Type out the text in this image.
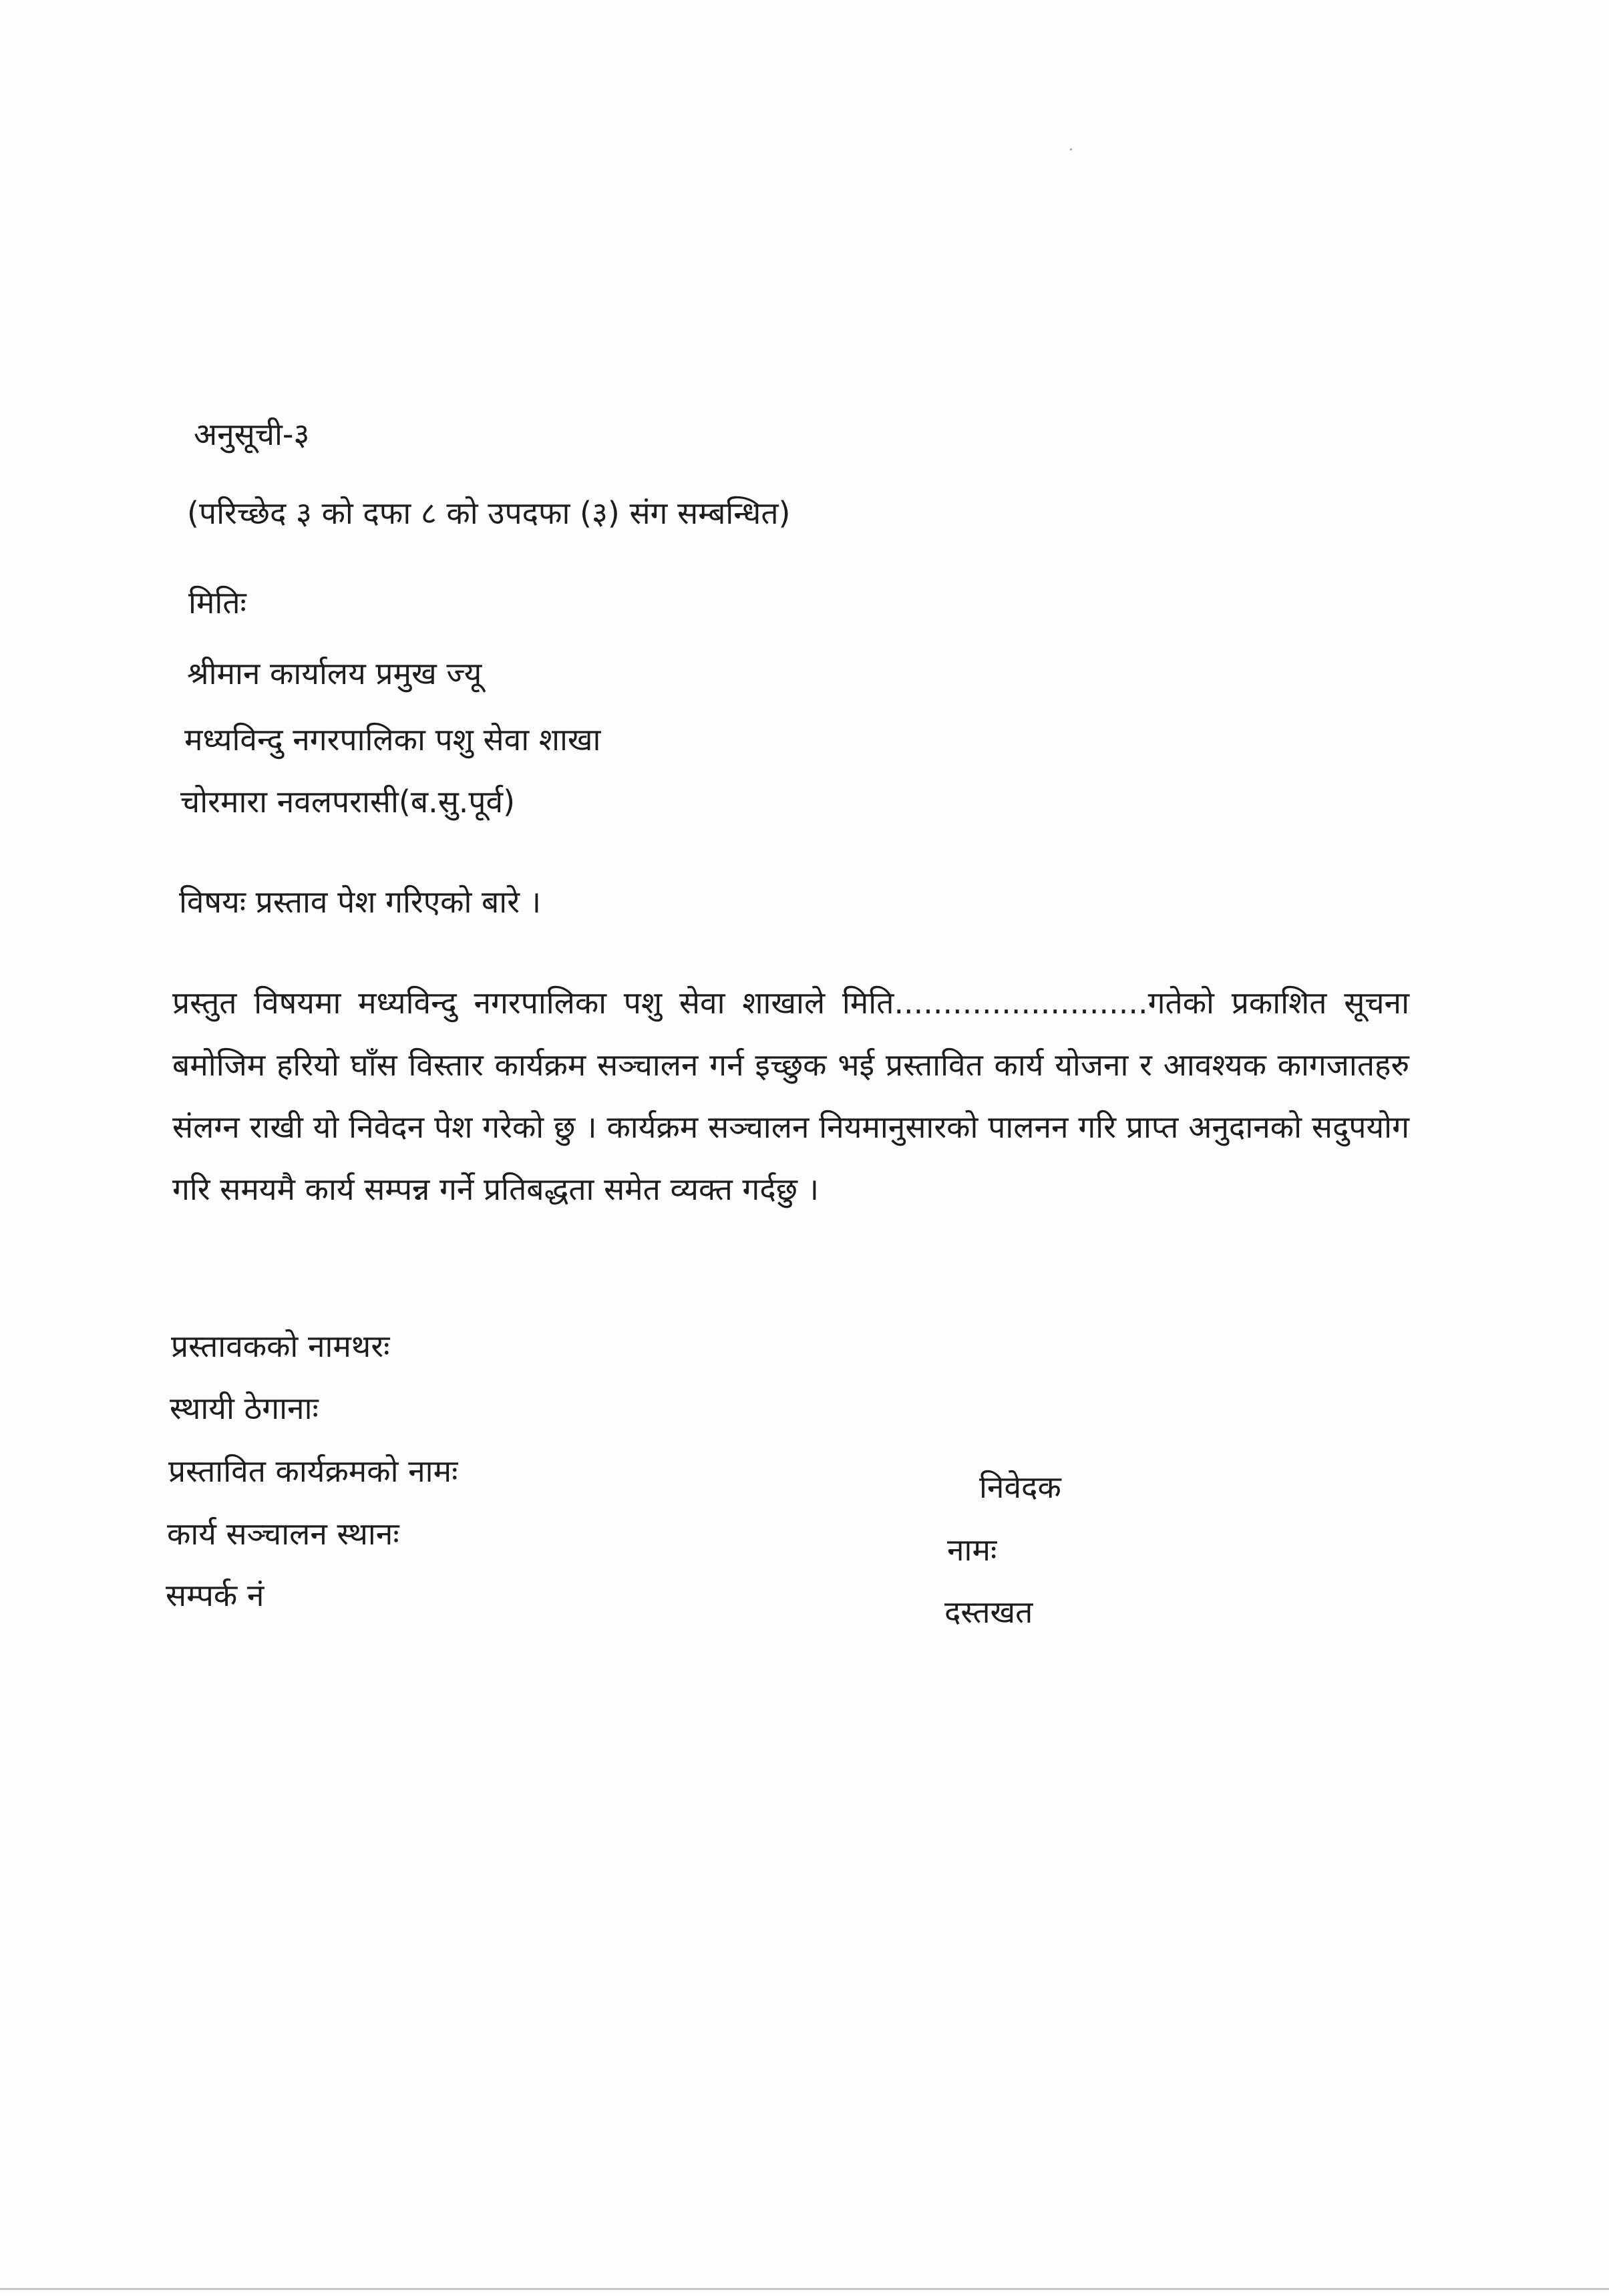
अनुसूची-३
(परिच्छेद ३ को दफा ८ को उपदफा (३) संग सम्बन्धित)
मितिः
श्रीमान कार्यालय प्रमुख ज्यू
मध्यविन्दु नगरपालिका पशु सेवा शाखा
चोरमारा नवलपरासी(ब.सु.पूर्व)
विषयः प्रस्ताव पेश गरिएको बारे ।
प्रस्तुत विषयमा मध्यविन्दु नगरपालिका पशु सेवा शाखाले मिति..........................गतेको प्रकाशित सूचना बमोजिम हरियो घाँस विस्तार कार्यक्रम सञ्चालन गर्न इच्छुक भई प्रस्तावित कार्य योजना र आवश्यक कागजातहरु संलग्न राखी यो निवेदन पेश गरेको छु । कार्यक्रम सञ्चालन नियमानुसारको पालनन गरि प्राप्त अनुदानको सदुपयोग गरि समयमै कार्य सम्पन्न गर्ने प्रतिबद्धता समेत व्यक्त गर्दछु ।
प्रस्तावकको नामथरः
स्थायी ठेगानाः
प्रस्तावित कार्यक्रमको नामः
कार्य सञ्चालन स्थानः
सम्पर्क नं
निवेदक
नामः
दस्तखत
